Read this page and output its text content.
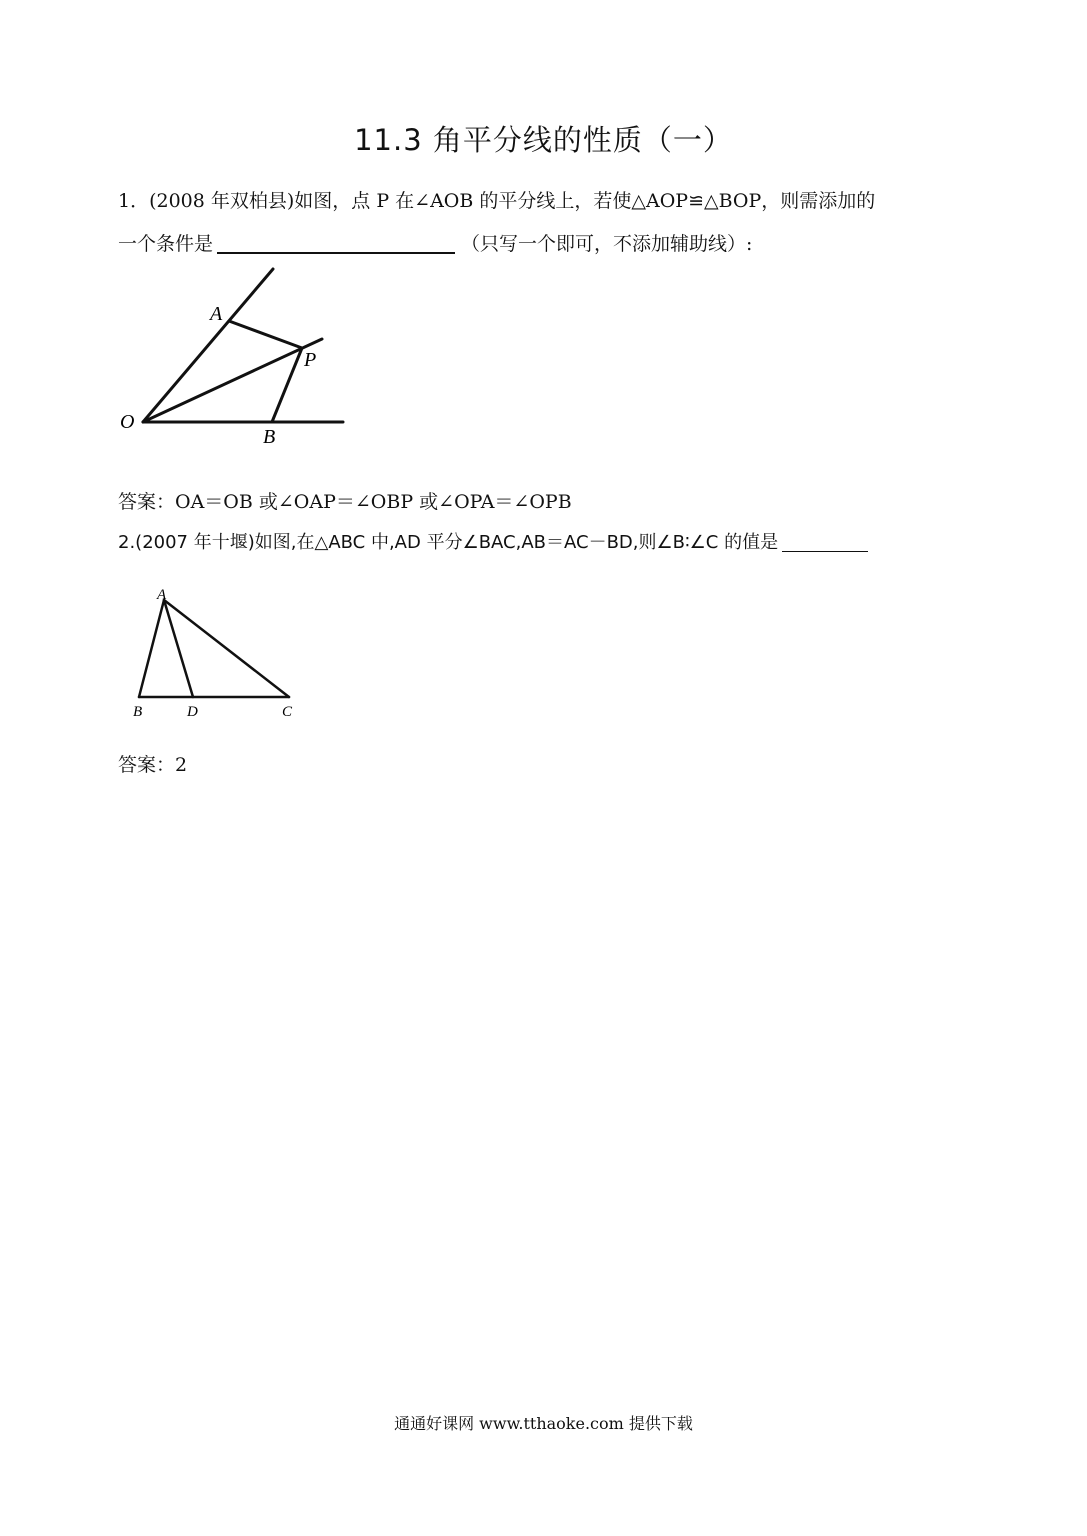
11.3 角平分线的性质（一）
1．(2008 年双柏县)如图，点 P 在∠AOB 的平分线上，若使△AOP≌△BOP，则需添加的
一个条件是	（只写一个即可，不添加辅助线）:
A
P
O
B
A
B	D	C
答案：OA＝OB 或∠OAP＝∠OBP 或∠OPA＝∠OPB
2.(2007 年十堰)如图,在△ABC 中,AD 平分∠BAC,AB＝AC－BD,则∠B∶∠C 的值是
答案：2
通通好课网 www.tthaoke.com 提供下载
